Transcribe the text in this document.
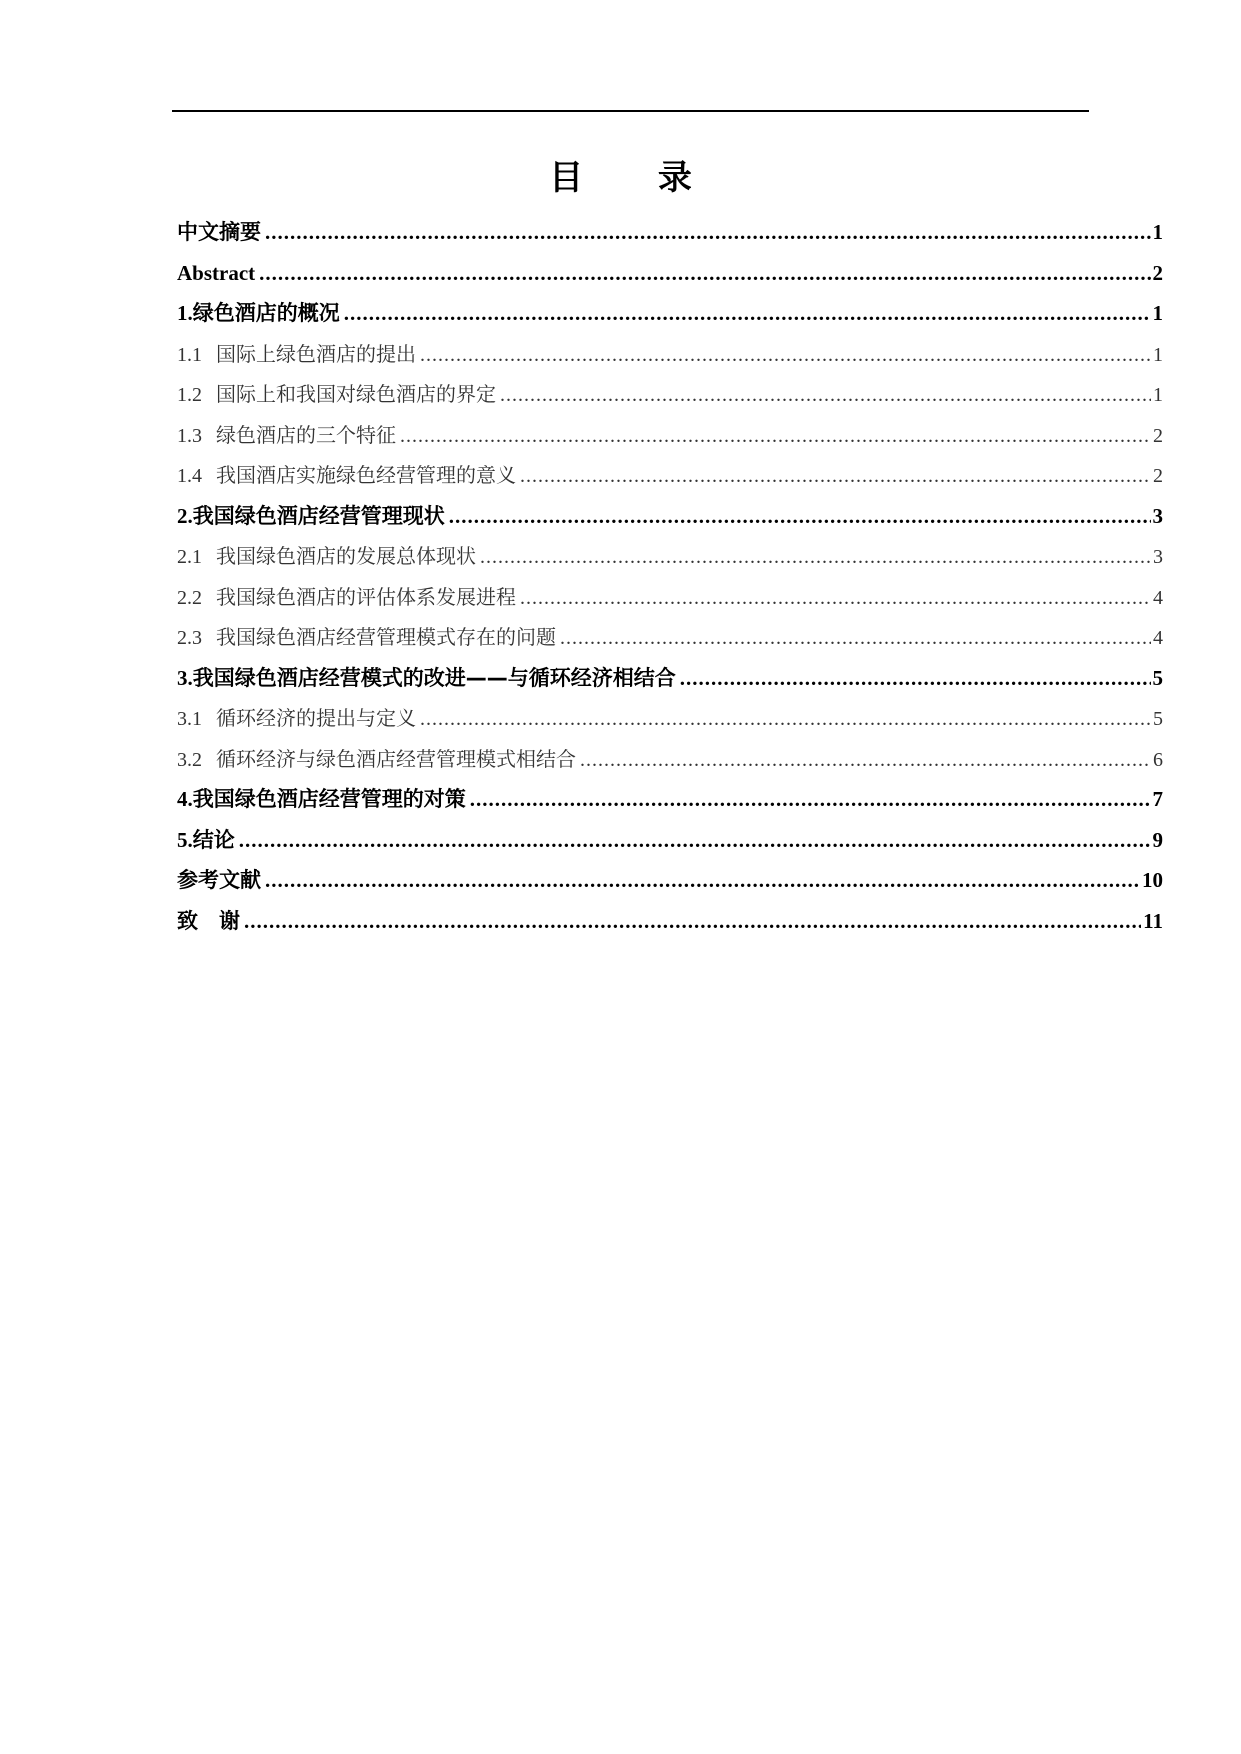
目　录
中文摘要 .....	1
Abstract .....	2
1. 绿色酒店的概况 .....	1
1.1 国际上绿色酒店的提出 .....	1
1.2 国际上和我国对绿色酒店的界定 .....	1
1.3 绿色酒店的三个特征 .....	2
1.4 我国酒店实施绿色经营管理的意义 .....	2
2. 我国绿色酒店经营管理现状 .....	3
2.1 我国绿色酒店的发展总体现状 .....	3
2.2 我国绿色酒店的评估体系发展进程 .....	4
2.3 我国绿色酒店经营管理模式存在的问题 .....	4
3. 我国绿色酒店经营模式的改进——与循环经济相结合 .....	5
3.1 循环经济的提出与定义 .....	5
3.2 循环经济与绿色酒店经营管理模式相结合 .....	6
4. 我国绿色酒店经营管理的对策 .....	7
5. 结论 .....	9
参考文献 .....	10
致　谢 .....	11
